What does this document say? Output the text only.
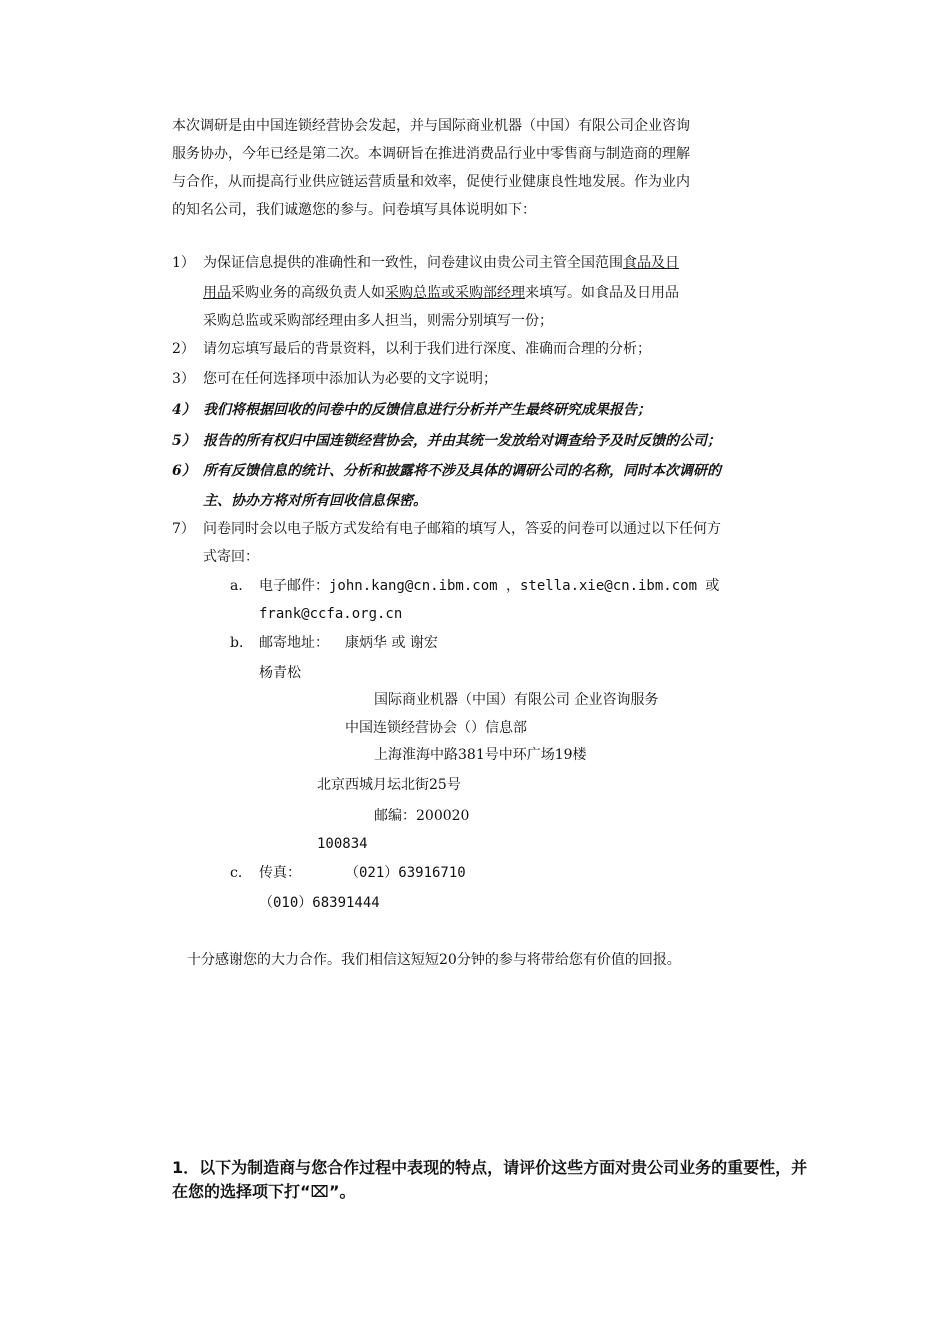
本次调研是由中国连锁经营协会发起，并与国际商业机器（中国）有限公司企业咨询
服务协办，今年已经是第二次。本调研旨在推进消费品行业中零售商与制造商的理解
与合作，从而提高行业供应链运营质量和效率，促使行业健康良性地发展。作为业内
的知名公司，我们诚邀您的参与。问卷填写具体说明如下：
1） 为保证信息提供的准确性和一致性，问卷建议由贵公司主管全国范围食品及日
用品采购业务的高级负责人如采购总监或采购部经理来填写。如食品及日用品
采购总监或采购部经理由多人担当，则需分别填写一份；
2） 请勿忘填写最后的背景资料，以利于我们进行深度、准确而合理的分析；
3） 您可在任何选择项中添加认为必要的文字说明；
4） 我们将根据回收的问卷中的反馈信息进行分析并产生最终研究成果报告；
5） 报告的所有权归中国连锁经营协会，并由其统一发放给对调查给予及时反馈的公司；
6） 所有反馈信息的统计、分析和披露将不涉及具体的调研公司的名称，同时本次调研的
主、协办方将对所有回收信息保密。
7） 问卷同时会以电子版方式发给有电子邮箱的填写人，答妥的问卷可以通过以下任何方
式寄回：
a． 电子邮件：john.kang@cn.ibm.com ，stella.xie@cn.ibm.com 或
frank@ccfa.org.cn
b． 邮寄地址： 康炳华 或 谢宏
杨青松
国际商业机器（中国）有限公司 企业咨询服务
中国连锁经营协会（）信息部
上海淮海中路381号中环广场19楼
北京西城月坛北街25号
邮编：200020
100834
c． 传真：	（021）63916710
（010）68391444
十分感谢您的大力合作。我们相信这短短20分钟的参与将带给您有价值的回报。
1．以下为制造商与您合作过程中表现的特点，请评价这些方面对贵公司业务的重要性，并在您的选择项下打“⌧”。
